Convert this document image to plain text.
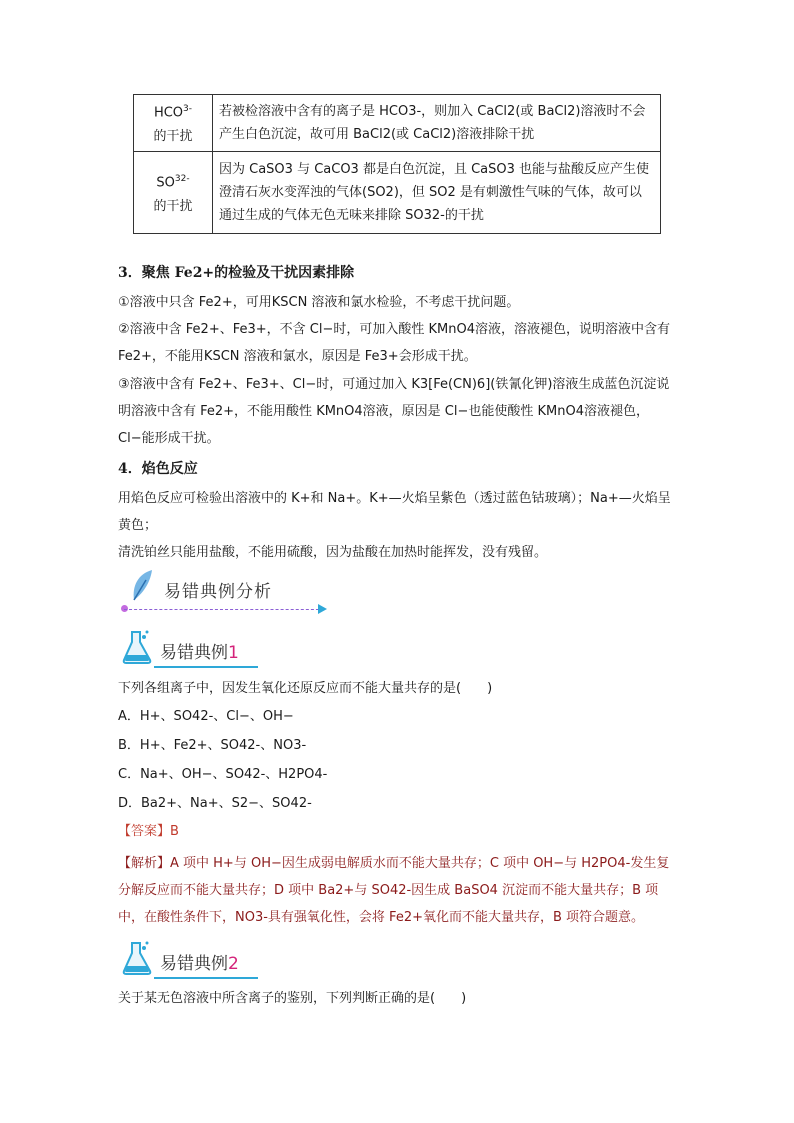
$HCO^{3-}$
的干扰	若被检溶液中含有的离子是 HCO3-，则加入 CaCl2(或 BaCl2)溶液时不会产生白色沉淀，故可用 BaCl2(或 CaCl2)溶液排除干扰
$SO^{32-}$
的干扰	因为 CaSO3 与 CaCO3 都是白色沉淀，且 CaSO3 也能与盐酸反应产生使澄清石灰水变浑浊的气体(SO2)，但 SO2 是有刺激性气味的气体，故可以通过生成的气体无色无味来排除 SO32-的干扰
3．聚焦 Fe2+的检验及干扰因素排除
①溶液中只含 Fe2+，可用KSCN 溶液和氯水检验，不考虑干扰问题。
②溶液中含 Fe2+、Fe3+，不含 Cl−时，可加入酸性 KMnO4溶液，溶液褪色，说明溶液中含有 Fe2+，不能用KSCN 溶液和氯水，原因是 Fe3+会形成干扰。
③溶液中含有 Fe2+、Fe3+、Cl−时，可通过加入 K3[Fe(CN)6](铁氰化钾)溶液生成蓝色沉淀说明溶液中含有 Fe2+，不能用酸性 KMnO4溶液，原因是 Cl−也能使酸性 KMnO4溶液褪色，Cl−能形成干扰。
4．焰色反应
用焰色反应可检验出溶液中的 K+和 Na+。K+—火焰呈紫色（透过蓝色钴玻璃）；Na+—火焰呈黄色；
清洗铂丝只能用盐酸，不能用硫酸，因为盐酸在加热时能挥发，没有残留。
易错典例分析
易错典例1
下列各组离子中，因发生氧化还原反应而不能大量共存的是(　　)
A．H+、SO42-、Cl−、OH−
B．H+、Fe2+、SO42-、NO3-
C．Na+、OH−、SO42-、H2PO4-
D．Ba2+、Na+、S2−、SO42-
【答案】B
【解析】A 项中 H+与 OH−因生成弱电解质水而不能大量共存；C 项中 OH−与 H2PO4-发生复分解反应而不能大量共存；D 项中 Ba2+与 SO42-因生成 BaSO4 沉淀而不能大量共存；B 项中，在酸性条件下，NO3-具有强氧化性，会将 Fe2+氧化而不能大量共存，B 项符合题意。
易错典例2
关于某无色溶液中所含离子的鉴别，下列判断正确的是(　　)
